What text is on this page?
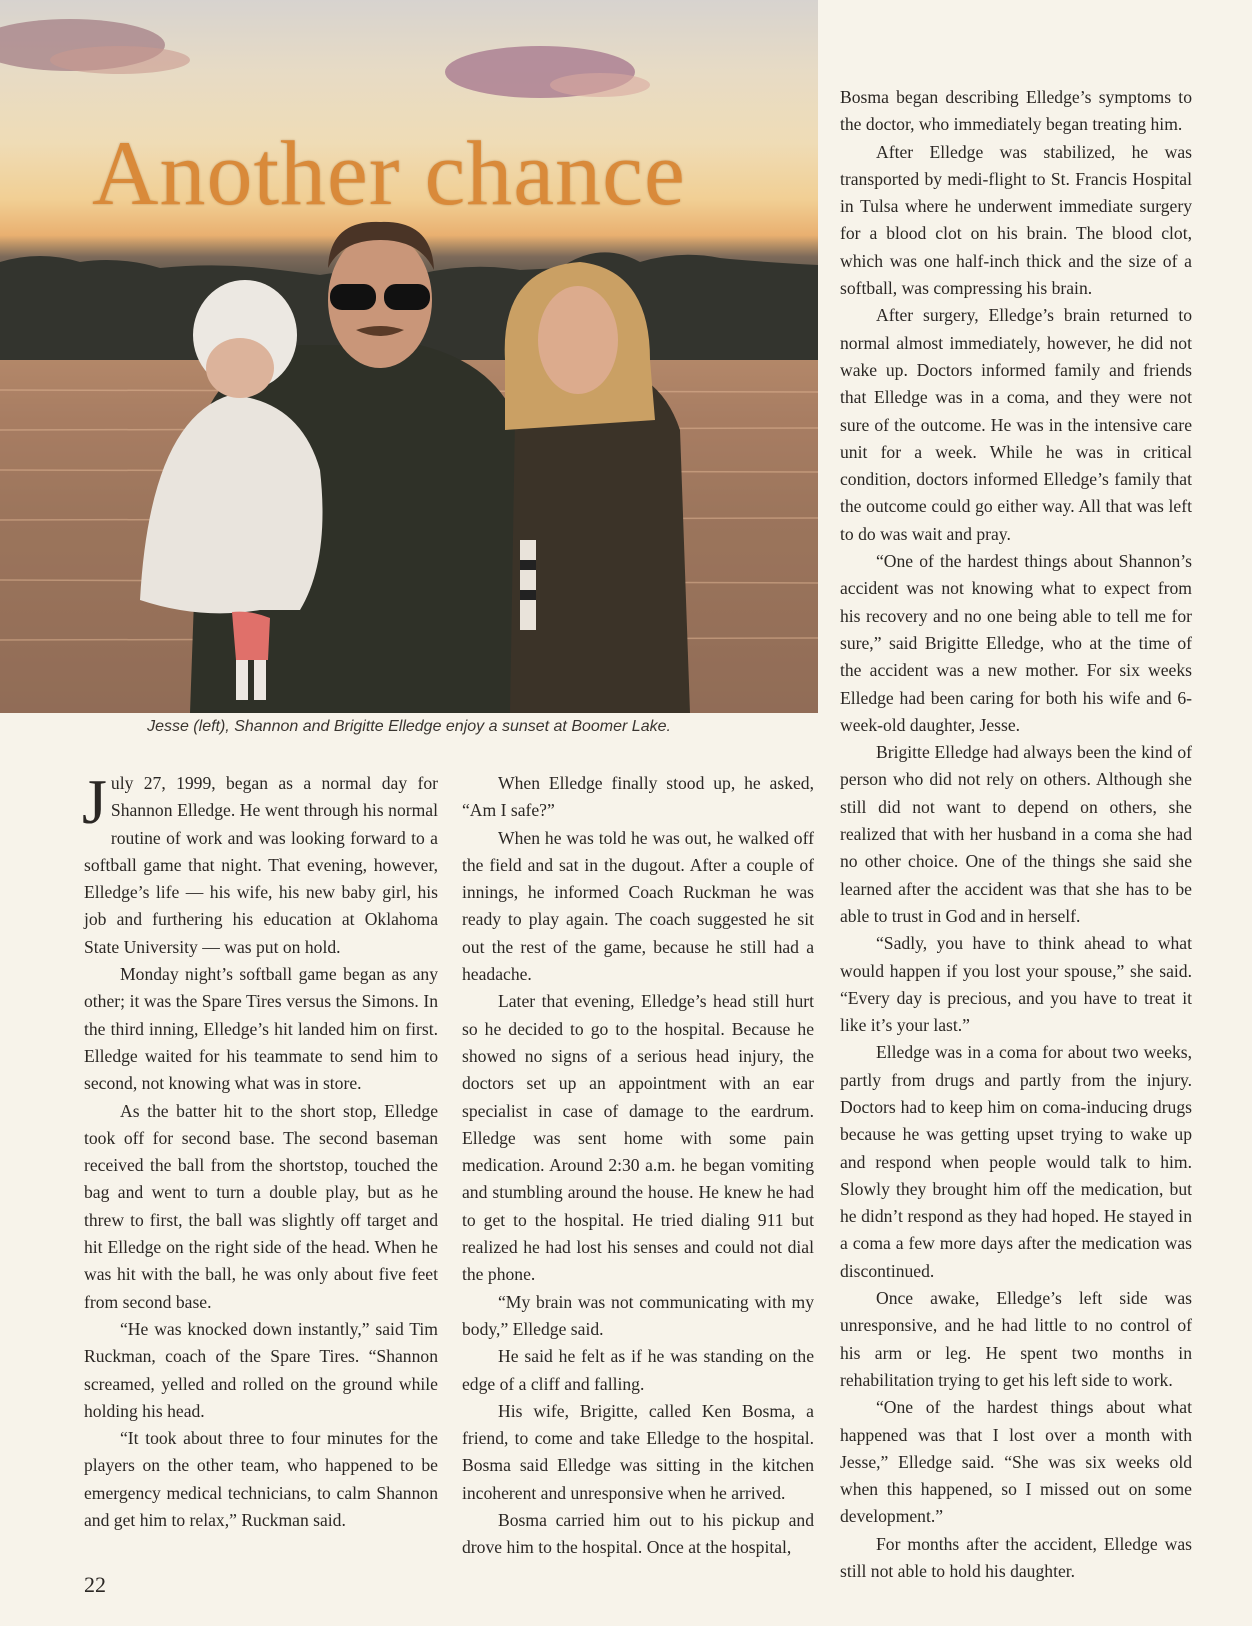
Another chance
Jesse (left), Shannon and Brigitte Elledge enjoy a sunset at Boomer Lake.

July 27, 1999, began as a normal day for Shannon Elledge. He went through his normal routine of work and was looking forward to a softball game that night. That evening, however, Elledge’s life — his wife, his new baby girl, his job and furthering his education at Oklahoma State University — was put on hold.

Monday night’s softball game began as any other; it was the Spare Tires versus the Simons. In the third inning, Elledge’s hit landed him on first. Elledge waited for his teammate to send him to second, not knowing what was in store.

As the batter hit to the short stop, Elledge took off for second base. The second baseman received the ball from the shortstop, touched the bag and went to turn a double play, but as he threw to first, the ball was slightly off target and hit Elledge on the right side of the head. When he was hit with the ball, he was only about five feet from second base.

“He was knocked down instantly,” said Tim Ruckman, coach of the Spare Tires. “Shannon screamed, yelled and rolled on the ground while holding his head.

“It took about three to four minutes for the players on the other team, who happened to be emergency medical technicians, to calm Shannon and get him to relax,” Ruckman said.

When Elledge finally stood up, he asked, “Am I safe?”

When he was told he was out, he walked off the field and sat in the dugout. After a couple of innings, he informed Coach Ruckman he was ready to play again. The coach suggested he sit out the rest of the game, because he still had a headache.

Later that evening, Elledge’s head still hurt so he decided to go to the hospital. Because he showed no signs of a serious head injury, the doctors set up an appointment with an ear specialist in case of damage to the eardrum. Elledge was sent home with some pain medication. Around 2:30 a.m. he began vomiting and stumbling around the house. He knew he had to get to the hospital. He tried dialing 911 but realized he had lost his senses and could not dial the phone.

“My brain was not communicating with my body,” Elledge said.

He said he felt as if he was standing on the edge of a cliff and falling.

His wife, Brigitte, called Ken Bosma, a friend, to come and take Elledge to the hospital. Bosma said Elledge was sitting in the kitchen incoherent and unresponsive when he arrived.

Bosma carried him out to his pickup and drove him to the hospital. Once at the hospital,

Bosma began describing Elledge’s symptoms to the doctor, who immediately began treating him.

After Elledge was stabilized, he was transported by medi-flight to St. Francis Hospital in Tulsa where he underwent immediate surgery for a blood clot on his brain. The blood clot, which was one half-inch thick and the size of a softball, was compressing his brain.

After surgery, Elledge’s brain returned to normal almost immediately, however, he did not wake up. Doctors informed family and friends that Elledge was in a coma, and they were not sure of the outcome. He was in the intensive care unit for a week. While he was in critical condition, doctors informed Elledge’s family that the outcome could go either way. All that was left to do was wait and pray.

“One of the hardest things about Shannon’s accident was not knowing what to expect from his recovery and no one being able to tell me for sure,” said Brigitte Elledge, who at the time of the accident was a new mother. For six weeks Elledge had been caring for both his wife and 6-week-old daughter, Jesse.

Brigitte Elledge had always been the kind of person who did not rely on others. Although she still did not want to depend on others, she realized that with her husband in a coma she had no other choice. One of the things she said she learned after the accident was that she has to be able to trust in God and in herself.

“Sadly, you have to think ahead to what would happen if you lost your spouse,” she said. “Every day is precious, and you have to treat it like it’s your last.”

Elledge was in a coma for about two weeks, partly from drugs and partly from the injury. Doctors had to keep him on coma-inducing drugs because he was getting upset trying to wake up and respond when people would talk to him. Slowly they brought him off the medication, but he didn’t respond as they had hoped. He stayed in a coma a few more days after the medication was discontinued.

Once awake, Elledge’s left side was unresponsive, and he had little to no control of his arm or leg. He spent two months in rehabilitation trying to get his left side to work.

“One of the hardest things about what happened was that I lost over a month with Jesse,” Elledge said. “She was six weeks old when this happened, so I missed out on some development.”

For months after the accident, Elledge was still not able to hold his daughter.

22
